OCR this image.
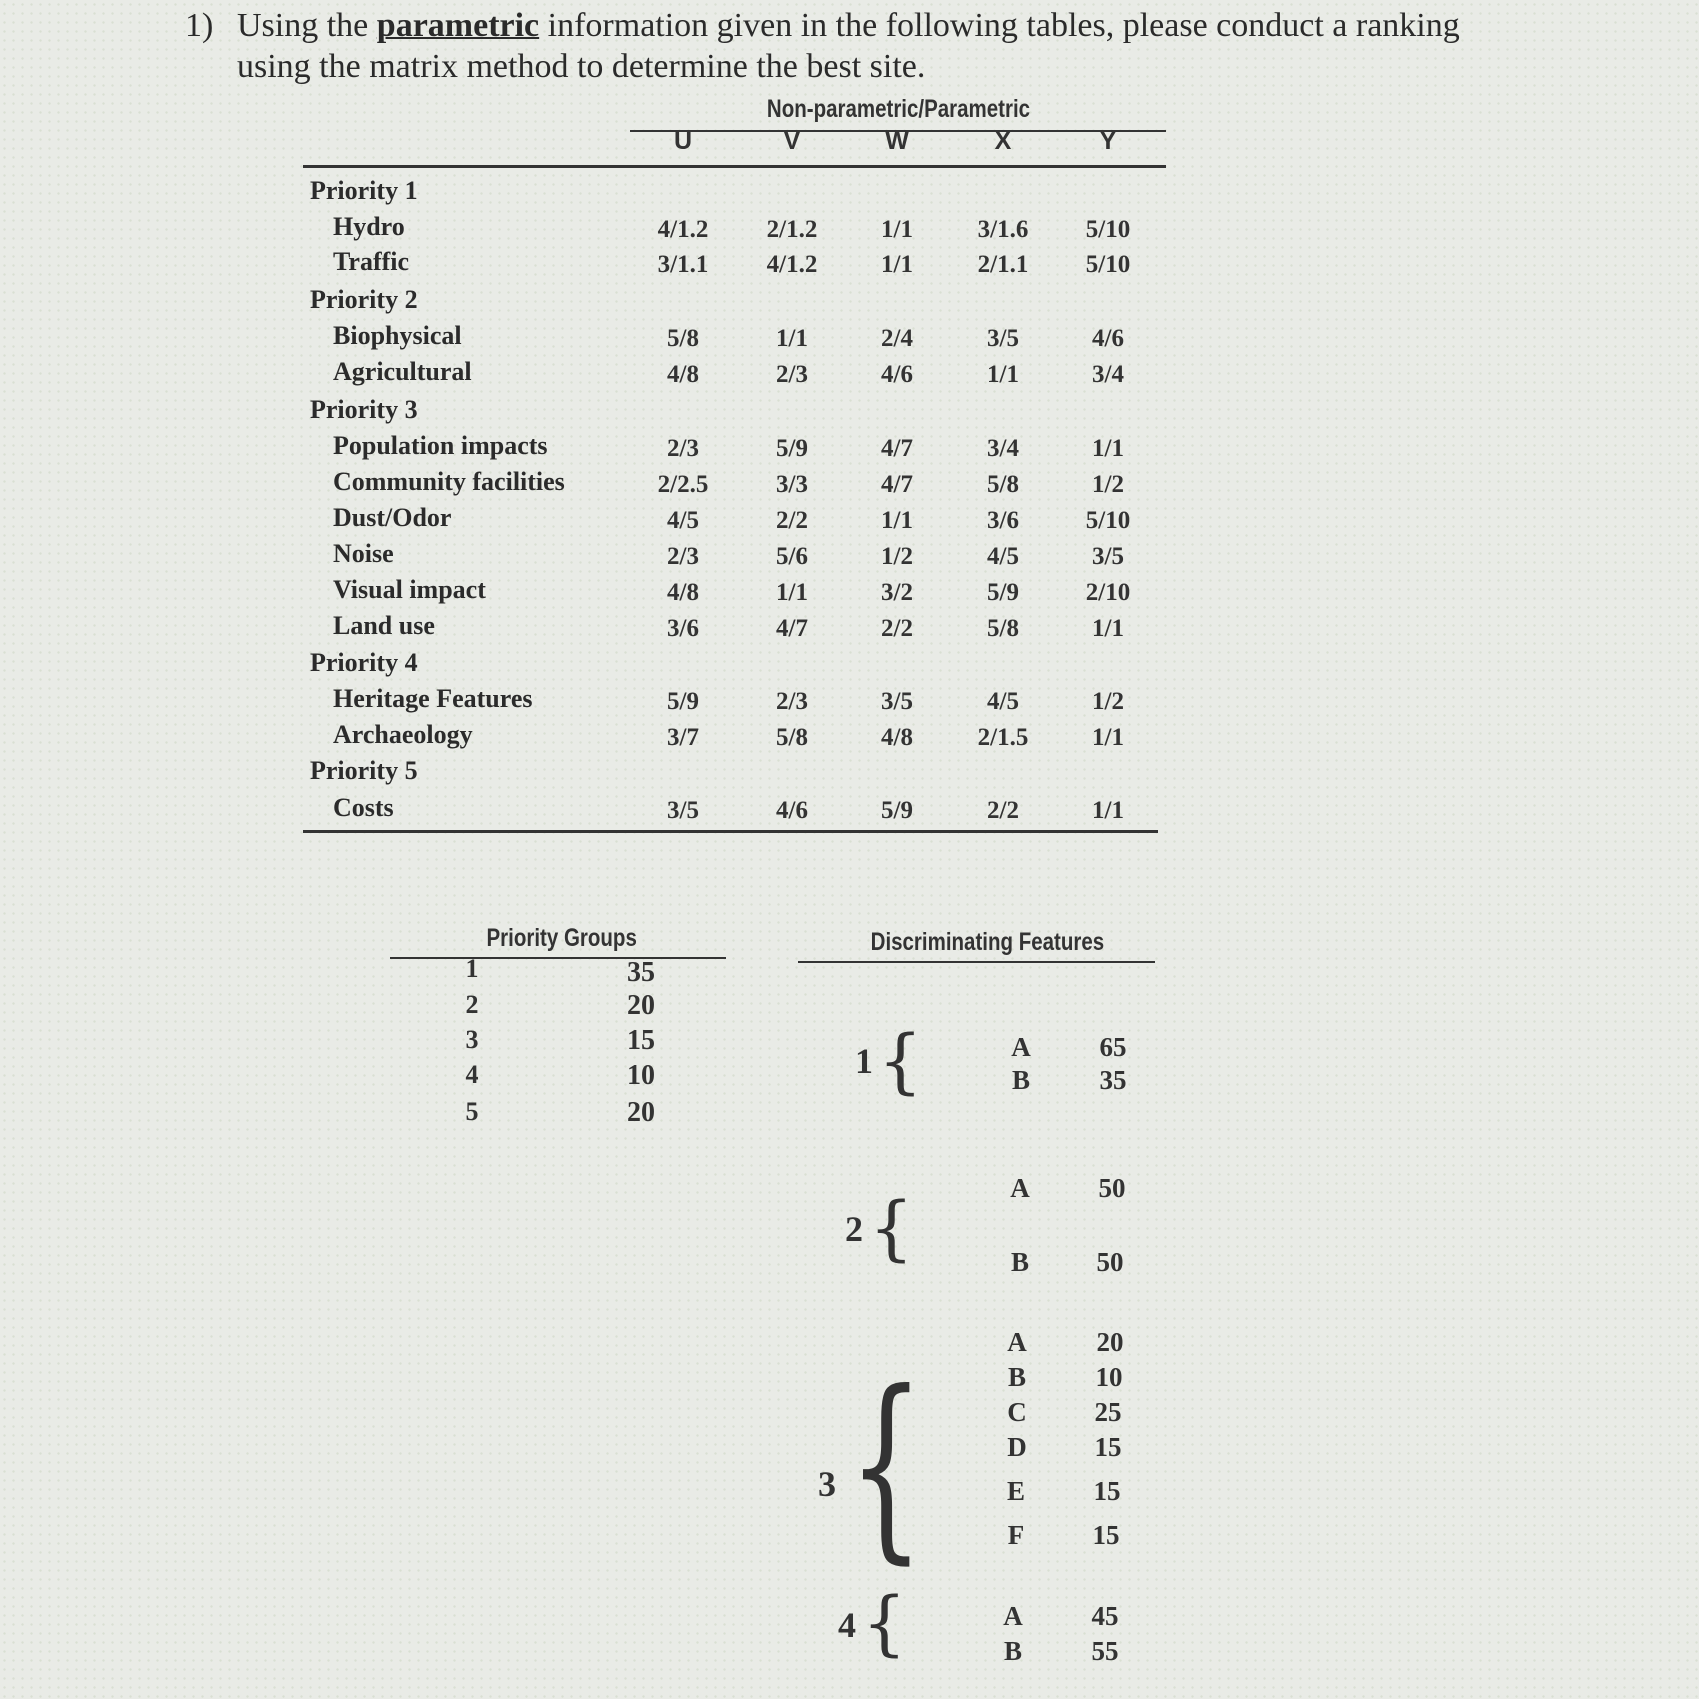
1) Using the parametric information given in the following tables, please conduct a ranking using the matrix method to determine the best site.
Non-parametric/Parametric
U	V	W	X	Y
Priority 1
Hydro	4/1.2	2/1.2	1/1	3/1.6	5/10
Traffic	3/1.1	4/1.2	1/1	2/1.1	5/10
Priority 2
Biophysical	5/8	1/1	2/4	3/5	4/6
Agricultural	4/8	2/3	4/6	1/1	3/4
Priority 3
Population impacts	2/3	5/9	4/7	3/4	1/1
Community facilities	2/2.5	3/3	4/7	5/8	1/2
Dust/Odor	4/5	2/2	1/1	3/6	5/10
Noise	2/3	5/6	1/2	4/5	3/5
Visual impact	4/8	1/1	3/2	5/9	2/10
Land use	3/6	4/7	2/2	5/8	1/1
Priority 4
Heritage Features	5/9	2/3	3/5	4/5	1/2
Archaeology	3/7	5/8	4/8	2/1.5	1/1
Priority 5
Costs	3/5	4/6	5/9	2/2	1/1
Priority Groups
1	35
2	20
3	15
4	10
5	20
Discriminating Features
1 {	A	65
B	35
2 {	A	50
B	50
3 {
A	20
B	10
C	25
D	15
E	15
F	15
4 {	A	45
B	55
